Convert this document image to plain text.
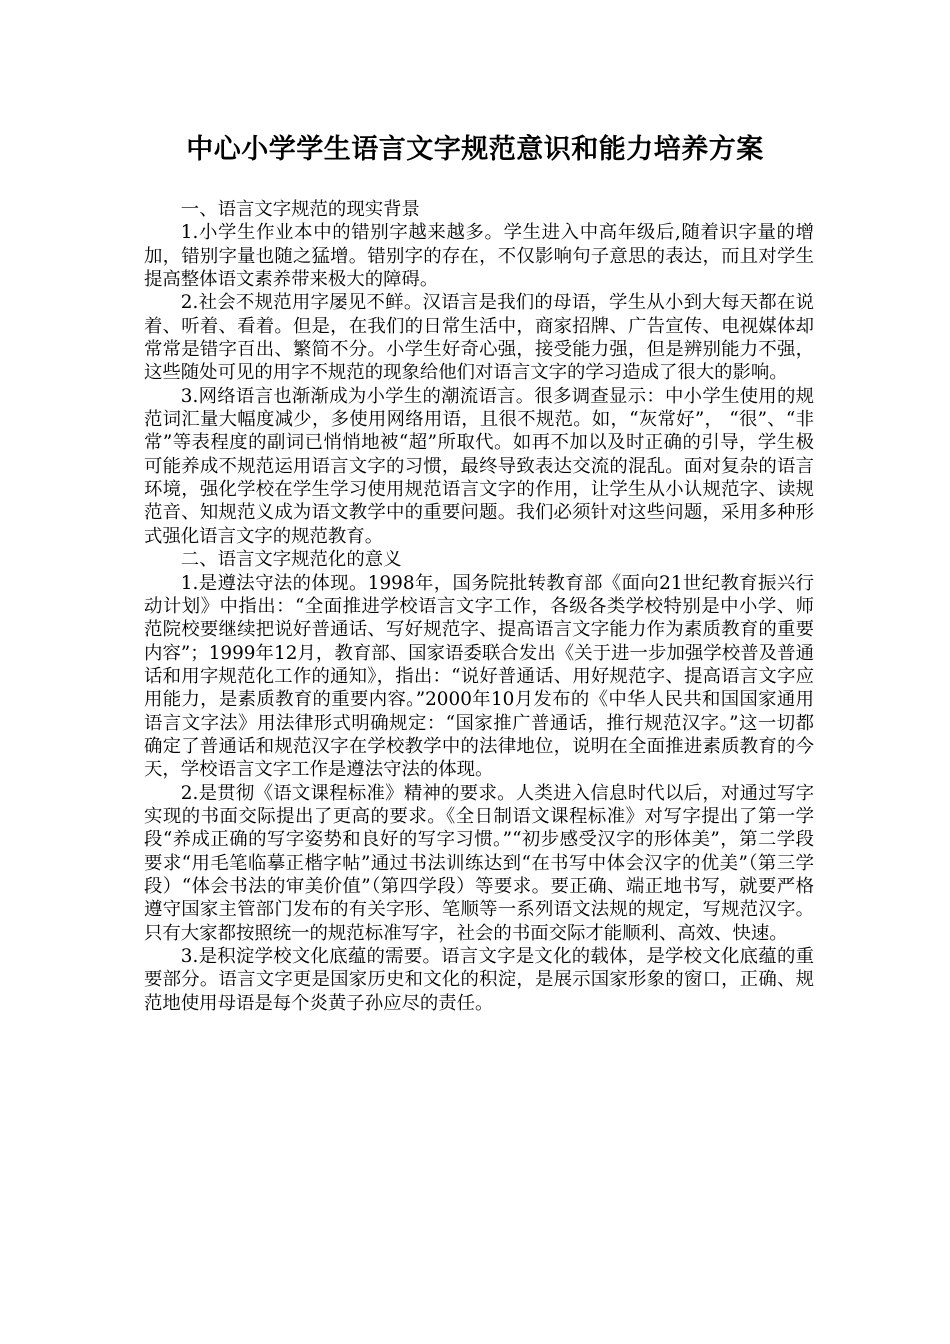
中心小学学生语言文字规范意识和能力培养方案

一、语言文字规范的现实背景

1.小学生作业本中的错别字越来越多。学生进入中高年级后,随着识字量的增加，错别字量也随之猛增。错别字的存在，不仅影响句子意思的表达，而且对学生提高整体语文素养带来极大的障碍。

2.社会不规范用字屡见不鲜。汉语言是我们的母语，学生从小到大每天都在说着、听着、看着。但是，在我们的日常生活中，商家招牌、广告宣传、电视媒体却常常是错字百出、繁简不分。小学生好奇心强，接受能力强，但是辨别能力不强，这些随处可见的用字不规范的现象给他们对语言文字的学习造成了很大的影响。

3.网络语言也渐渐成为小学生的潮流语言。很多调查显示：中小学生使用的规范词汇量大幅度减少，多使用网络用语，且很不规范。如，“灰常好”， “很”、“非常”等表程度的副词已悄悄地被“超”所取代。如再不加以及时正确的引导，学生极可能养成不规范运用语言文字的习惯，最终导致表达交流的混乱。面对复杂的语言环境，强化学校在学生学习使用规范语言文字的作用，让学生从小认规范字、读规范音、知规范义成为语文教学中的重要问题。我们必须针对这些问题，采用多种形式强化语言文字的规范教育。

二、语言文字规范化的意义

1.是遵法守法的体现。1998年，国务院批转教育部《面向21世纪教育振兴行动计划》中指出：“全面推进学校语言文字工作，各级各类学校特别是中小学、师范院校要继续把说好普通话、写好规范字、提高语言文字能力作为素质教育的重要内容”；1999年12月，教育部、国家语委联合发出《关于进一步加强学校普及普通话和用字规范化工作的通知》，指出：“说好普通话、用好规范字、提高语言文字应用能力，是素质教育的重要内容。”2000年10月发布的《中华人民共和国国家通用语言文字法》用法律形式明确规定：“国家推广普通话，推行规范汉字。”这一切都确定了普通话和规范汉字在学校教学中的法律地位，说明在全面推进素质教育的今天，学校语言文字工作是遵法守法的体现。

2.是贯彻《语文课程标准》精神的要求。人类进入信息时代以后，对通过写字实现的书面交际提出了更高的要求。《全日制语文课程标准》对写字提出了第一学段“养成正确的写字姿势和良好的写字习惯。”“初步感受汉字的形体美”，第二学段要求“用毛笔临摹正楷字帖”通过书法训练达到“在书写中体会汉字的优美”（第三学段）“体会书法的审美价值”（第四学段）等要求。要正确、端正地书写，就要严格遵守国家主管部门发布的有关字形、笔顺等一系列语文法规的规定，写规范汉字。只有大家都按照统一的规范标准写字，社会的书面交际才能顺利、高效、快速。

3.是积淀学校文化底蕴的需要。语言文字是文化的载体，是学校文化底蕴的重要部分。语言文字更是国家历史和文化的积淀，是展示国家形象的窗口，正确、规范地使用母语是每个炎黄子孙应尽的责任。
